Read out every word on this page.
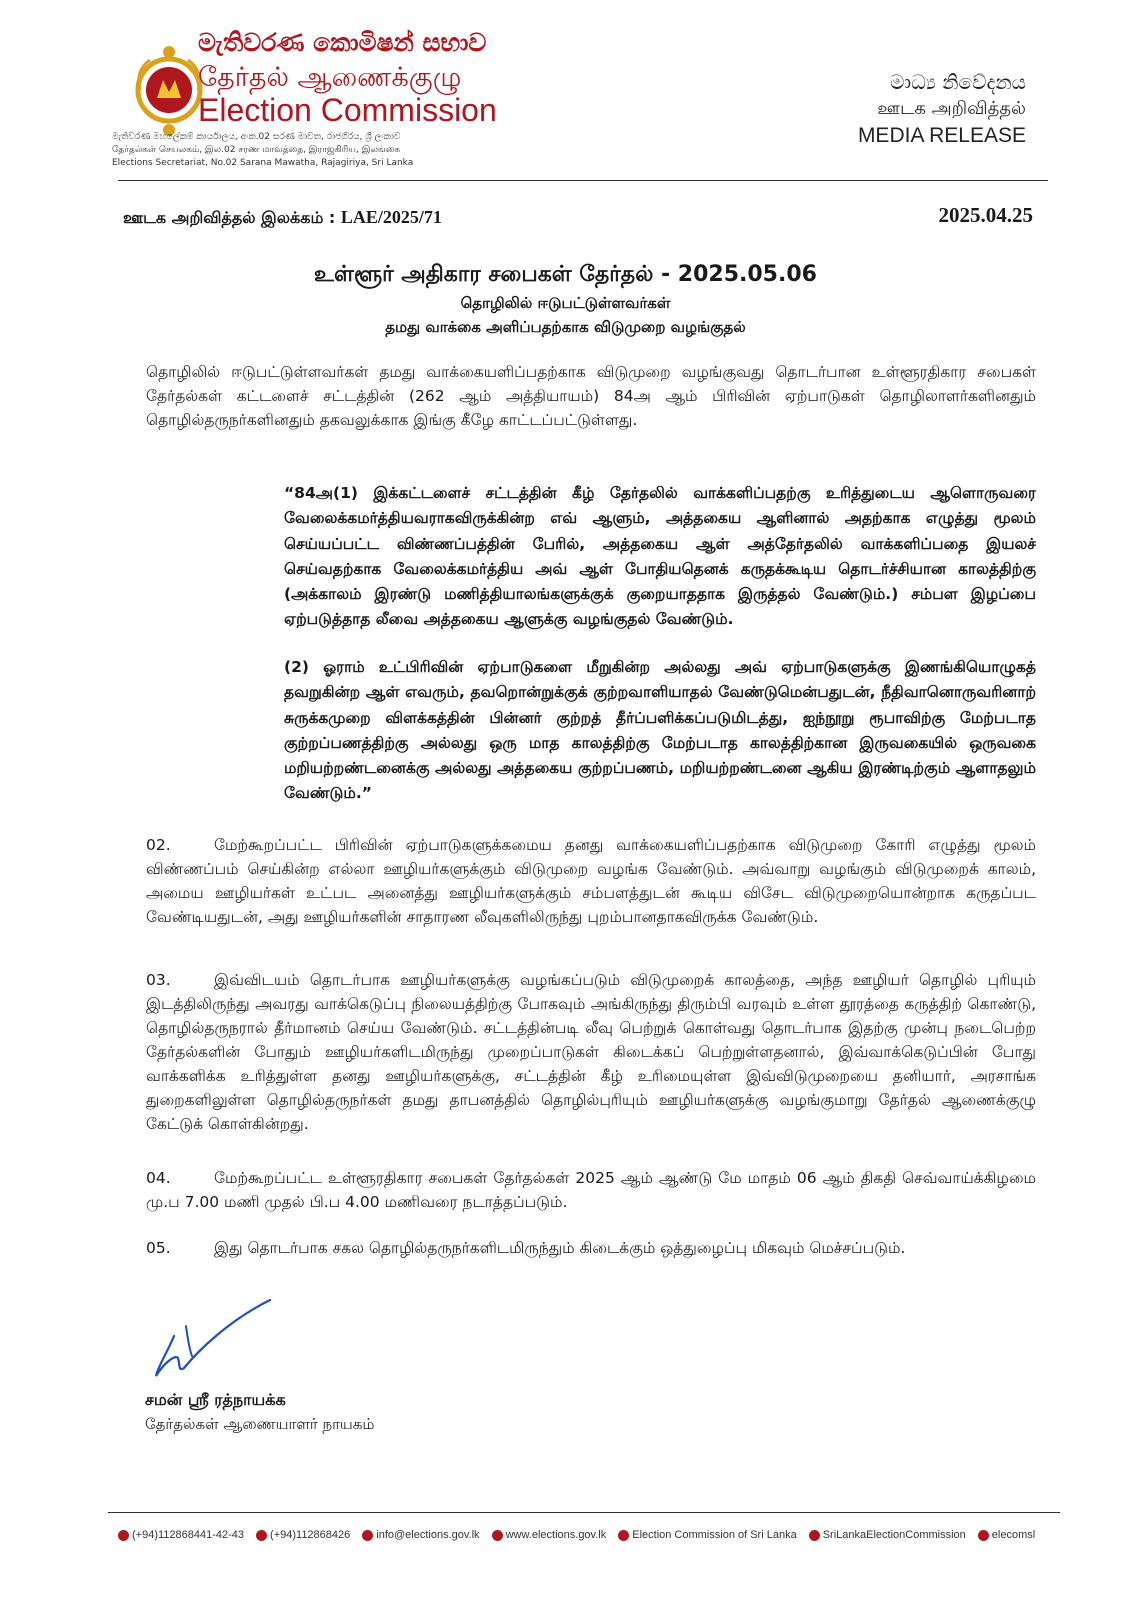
මැතිවරණ කොමිෂන් සභාව
தேர்தல் ஆணைக்குழு
Election Commission
මැතිවරණ මහලේකම් කාර්යාලය, අංක.02 සරණ මාවත, රාජගිරිය, ශ්‍රී ලංකාව
தேர்தல்கள் செயலகம், இல.02 சரண மாவத்தை, இராஜகிரிய, இலங்கை
Elections Secretariat, No.02 Sarana Mawatha, Rajagiriya, Sri Lanka
මාධ්‍ය නිවේදනය
ஊடக அறிவித்தல்
MEDIA RELEASE
ஊடக அறிவித்தல் இலக்கம் : LAE/2025/71	2025.04.25
உள்ளூர் அதிகார சபைகள் தேர்தல் - 2025.05.06
தொழிலில் ஈடுபட்டுள்ளவர்கள்
தமது வாக்கை அளிப்பதற்காக விடுமுறை வழங்குதல்
தொழிலில் ஈடுபட்டுள்ளவர்கள் தமது வாக்கையளிப்பதற்காக விடுமுறை வழங்குவது தொடர்பான உள்ளூரதிகார சபைகள் தேர்தல்கள் கட்டளைச் சட்டத்தின் (262 ஆம் அத்தியாயம்) 84அ ஆம் பிரிவின் ஏற்பாடுகள் தொழிலாளர்களினதும் தொழில்தருநர்களினதும் தகவலுக்காக இங்கு கீழே காட்டப்பட்டுள்ளது.
“84அ(1) இக்கட்டளைச் சட்டத்தின் கீழ் தேர்தலில் வாக்களிப்பதற்கு உரித்துடைய ஆளொருவரை வேலைக்கமர்த்தியவராகவிருக்கின்ற எவ் ஆளும், அத்தகைய ஆளினால் அதற்காக எழுத்து மூலம் செய்யப்பட்ட விண்ணப்பத்தின் பேரில், அத்தகைய ஆள் அத்தேர்தலில் வாக்களிப்பதை இயலச் செய்வதற்காக வேலைக்கமர்த்திய அவ் ஆள் போதியதெனக் கருதக்கூடிய தொடர்ச்சியான காலத்திற்கு (அக்காலம் இரண்டு மணித்தியாலங்களுக்குக் குறையாததாக இருத்தல் வேண்டும்.) சம்பள இழப்பை ஏற்படுத்தாத லீவை அத்தகைய ஆளுக்கு வழங்குதல் வேண்டும்.
(2) ஓராம் உட்பிரிவின் ஏற்பாடுகளை மீறுகின்ற அல்லது அவ் ஏற்பாடுகளுக்கு இணங்கியொழுகத் தவறுகின்ற ஆள் எவரும், தவறொன்றுக்குக் குற்றவாளியாதல் வேண்டுமென்பதுடன், நீதிவானொருவரினாற் சுருக்கமுறை விளக்கத்தின் பின்னர் குற்றத் தீர்ப்பளிக்கப்படுமிடத்து, ஐந்நூறு ரூபாவிற்கு மேற்படாத குற்றப்பணத்திற்கு அல்லது ஒரு மாத காலத்திற்கு மேற்படாத காலத்திற்கான இருவகையில் ஒருவகை மறியற்றண்டனைக்கு அல்லது அத்தகைய குற்றப்பணம், மறியற்றண்டனை ஆகிய இரண்டிற்கும் ஆளாதலும் வேண்டும்.”
02.	மேற்கூறப்பட்ட பிரிவின் ஏற்பாடுகளுக்கமைய தனது வாக்கையளிப்பதற்காக விடுமுறை கோரி எழுத்து மூலம் விண்ணப்பம் செய்கின்ற எல்லா ஊழியர்களுக்கும் விடுமுறை வழங்க வேண்டும். அவ்வாறு வழங்கும் விடுமுறைக் காலம், அமைய ஊழியர்கள் உட்பட அனைத்து ஊழியர்களுக்கும் சம்பளத்துடன் கூடிய விசேட விடுமுறையொன்றாக கருதப்பட வேண்டியதுடன், அது ஊழியர்களின் சாதாரண லீவுகளிலிருந்து புறம்பானதாகவிருக்க வேண்டும்.
03.	இவ்விடயம் தொடர்பாக ஊழியர்களுக்கு வழங்கப்படும் விடுமுறைக் காலத்தை, அந்த ஊழியர் தொழில் புரியும் இடத்திலிருந்து அவரது வாக்கெடுப்பு நிலையத்திற்கு போகவும் அங்கிருந்து திரும்பி வரவும் உள்ள தூரத்தை கருத்திற் கொண்டு, தொழில்தருநரால் தீர்மானம் செய்ய வேண்டும். சட்டத்தின்படி லீவு பெற்றுக் கொள்வது தொடர்பாக இதற்கு முன்பு நடைபெற்ற தேர்தல்களின் போதும் ஊழியர்களிடமிருந்து முறைப்பாடுகள் கிடைக்கப் பெற்றுள்ளதனால், இவ்வாக்கெடுப்பின் போது வாக்களிக்க உரித்துள்ள தனது ஊழியர்களுக்கு, சட்டத்தின் கீழ் உரிமையுள்ள இவ்விடுமுறையை தனியார், அரசாங்க துறைகளிலுள்ள தொழில்தருநர்கள் தமது தாபனத்தில் தொழில்புரியும் ஊழியர்களுக்கு வழங்குமாறு தேர்தல் ஆணைக்குழு கேட்டுக் கொள்கின்றது.
04.	மேற்கூறப்பட்ட உள்ளூரதிகார சபைகள் தேர்தல்கள் 2025 ஆம் ஆண்டு மே மாதம் 06 ஆம் திகதி செவ்வாய்க்கிழமை மு.ப 7.00 மணி முதல் பி.ப 4.00 மணிவரை நடாத்தப்படும்.
05.	இது தொடர்பாக சகல தொழில்தருநர்களிடமிருந்தும் கிடைக்கும் ஒத்துழைப்பு மிகவும் மெச்சப்படும்.
சமன் ஸ்ரீ ரத்நாயக்க
தேர்தல்கள் ஆணையாளர் நாயகம்
(+94)112868441-42-43 (+94)112868426 info@elections.gov.lk www.elections.gov.lk Election Commission of Sri Lanka SriLankaElectionCommission elecomsl
